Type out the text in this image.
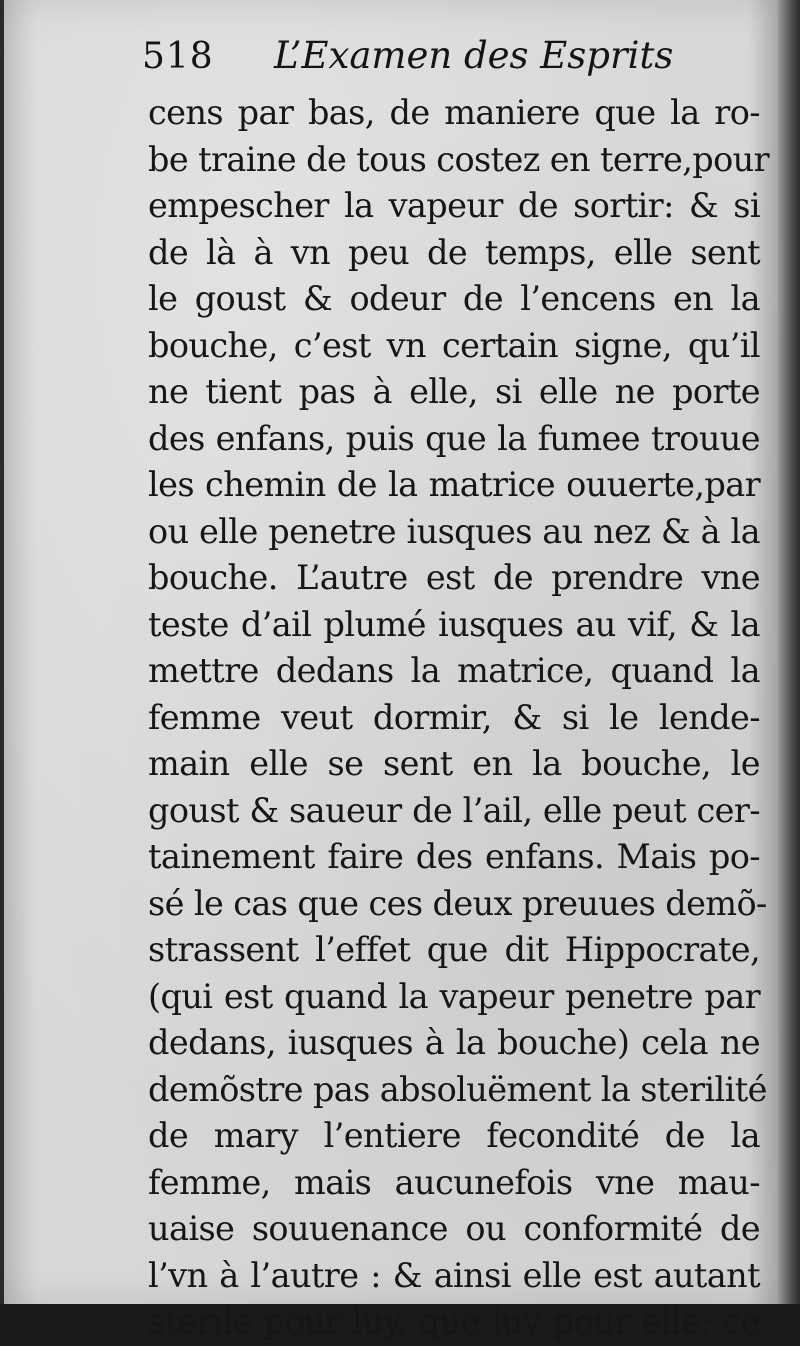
518 L’Examen des Esprits
cens par bas, de maniere que la ro-
be traine de tous costez en terre,pour
empescher la vapeur de sortir: & si
de là à vn peu de temps, elle sent
le goust & odeur de l’encens en la
bouche, c’est vn certain signe, qu’il
ne tient pas à elle, si elle ne porte
des enfans, puis que la fumee trouue
les chemin de la matrice ouuerte,par
ou elle penetre iusques au nez & à la
bouche. L’autre est de prendre vne
teste d’ail plumé iusques au vif, & la
mettre dedans la matrice, quand la
femme veut dormir, & si le lende-
main elle se sent en la bouche, le
goust & saueur de l’ail, elle peut cer-
tainement faire des enfans. Mais po-
sé le cas que ces deux preuues demõ-
strassent l’effet que dit Hippocrate,
(qui est quand la vapeur penetre par
dedans, iusques à la bouche) cela ne
demõstre pas absoluëment la sterilité
de mary l’entiere fecondité de la
femme, mais aucunefois vne mau-
uaise souuenance ou conformité de
l’vn à l’autre : & ainsi elle est autant
sterile pour luy, que luy pour elle: ce
